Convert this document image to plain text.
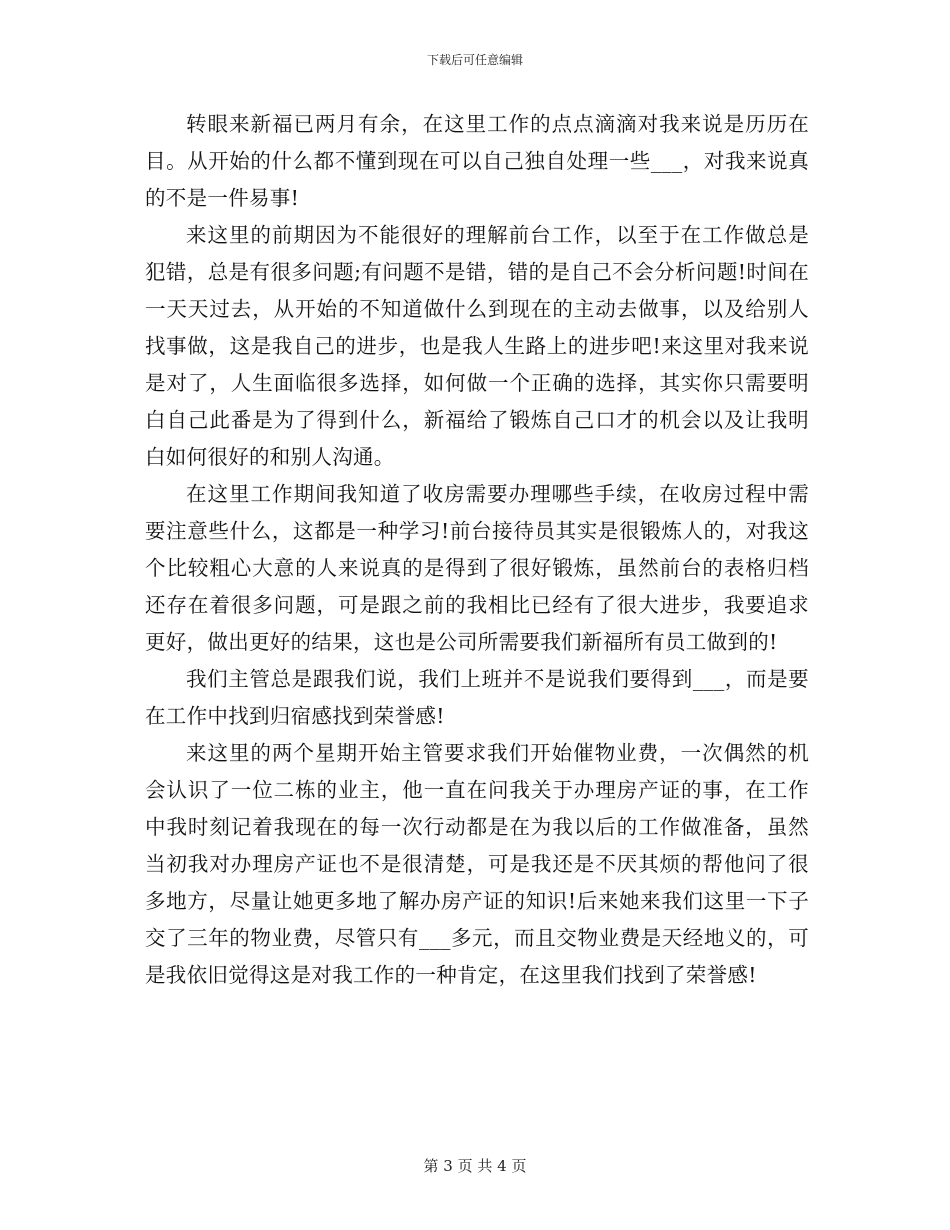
下载后可任意编辑

转眼来新福已两月有余，在这里工作的点点滴滴对我来说是历历在目。从开始的什么都不懂到现在可以自己独自处理一些___，对我来说真的不是一件易事!

来这里的前期因为不能很好的理解前台工作，以至于在工作做总是犯错，总是有很多问题;有问题不是错，错的是自己不会分析问题!时间在一天天过去，从开始的不知道做什么到现在的主动去做事，以及给别人找事做，这是我自己的进步，也是我人生路上的进步吧!来这里对我来说是对了，人生面临很多选择，如何做一个正确的选择，其实你只需要明白自己此番是为了得到什么，新福给了锻炼自己口才的机会以及让我明白如何很好的和别人沟通。

在这里工作期间我知道了收房需要办理哪些手续，在收房过程中需要注意些什么，这都是一种学习!前台接待员其实是很锻炼人的，对我这个比较粗心大意的人来说真的是得到了很好锻炼，虽然前台的表格归档还存在着很多问题，可是跟之前的我相比已经有了很大进步，我要追求更好，做出更好的结果，这也是公司所需要我们新福所有员工做到的!

我们主管总是跟我们说，我们上班并不是说我们要得到___，而是要在工作中找到归宿感找到荣誉感!

来这里的两个星期开始主管要求我们开始催物业费，一次偶然的机会认识了一位二栋的业主，他一直在问我关于办理房产证的事，在工作中我时刻记着我现在的每一次行动都是在为我以后的工作做准备，虽然当初我对办理房产证也不是很清楚，可是我还是不厌其烦的帮他问了很多地方，尽量让她更多地了解办房产证的知识!后来她来我们这里一下子交了三年的物业费，尽管只有___多元，而且交物业费是天经地义的，可是我依旧觉得这是对我工作的一种肯定，在这里我们找到了荣誉感!

第 3 页 共 4 页
